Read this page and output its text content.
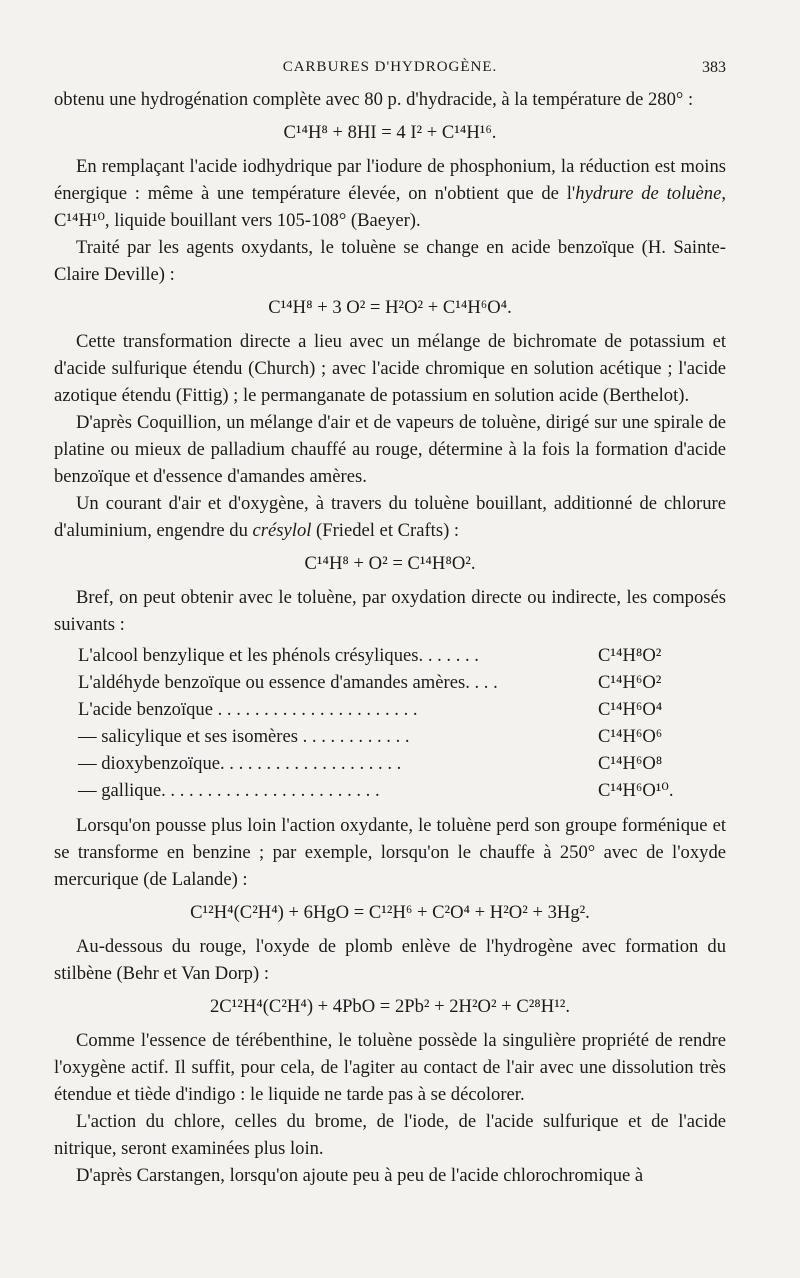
CARBURES D'HYDROGÈNE.	383

obtenu une hydrogénation complète avec 80 p. d'hydracide, à la température de 280° :

C¹⁴H⁸ + 8HI = 4 I² + C¹⁴H¹⁶.

En remplaçant l'acide iodhydrique par l'iodure de phosphonium, la réduction est moins énergique : même à une température élevée, on n'obtient que de l'hydrure de toluène, C¹⁴H¹⁰, liquide bouillant vers 105-108° (Baeyer).

Traité par les agents oxydants, le toluène se change en acide benzoïque (H. Sainte-Claire Deville) :

C¹⁴H⁸ + 3 O² = H²O² + C¹⁴H⁶O⁴.

Cette transformation directe a lieu avec un mélange de bichromate de potassium et d'acide sulfurique étendu (Church) ; avec l'acide chromique en solution acétique ; l'acide azotique étendu (Fittig) ; le permanganate de potassium en solution acide (Berthelot).

D'après Coquillion, un mélange d'air et de vapeurs de toluène, dirigé sur une spirale de platine ou mieux de palladium chauffé au rouge, détermine à la fois la formation d'acide benzoïque et d'essence d'amandes amères.

Un courant d'air et d'oxygène, à travers du toluène bouillant, additionné de chlorure d'aluminium, engendre du crésylol (Friedel et Crafts) :

C¹⁴H⁸ + O² = C¹⁴H⁸O².

Bref, on peut obtenir avec le toluène, par oxydation directe ou indirecte, les composés suivants :

L'alcool benzylique et les phénols crésyliques. . . . . . .	C¹⁴H⁸O²
L'aldéhyde benzoïque ou essence d'amandes amères. . . .	C¹⁴H⁶O²
L'acide benzoïque . . . . . . . . . . . . . . . . . . . . . .	C¹⁴H⁶O⁴
— salicylique et ses isomères . . . . . . . . . . . .	C¹⁴H⁶O⁶
— dioxybenzoïque. . . . . . . . . . . . . . . . . . . .	C¹⁴H⁶O⁸
— gallique. . . . . . . . . . . . . . . . . . . . . . . .	C¹⁴H⁶O¹⁰.

Lorsqu'on pousse plus loin l'action oxydante, le toluène perd son groupe forménique et se transforme en benzine ; par exemple, lorsqu'on le chauffe à 250° avec de l'oxyde mercurique (de Lalande) :

C¹²H⁴(C²H⁴) + 6HgO = C¹²H⁶ + C²O⁴ + H²O² + 3Hg².

Au-dessous du rouge, l'oxyde de plomb enlève de l'hydrogène avec formation du stilbène (Behr et Van Dorp) :

2C¹²H⁴(C²H⁴) + 4PbO = 2Pb² + 2H²O² + C²⁸H¹².

Comme l'essence de térébenthine, le toluène possède la singulière propriété de rendre l'oxygène actif. Il suffit, pour cela, de l'agiter au contact de l'air avec une dissolution très étendue et tiède d'indigo : le liquide ne tarde pas à se décolorer.

L'action du chlore, celles du brome, de l'iode, de l'acide sulfurique et de l'acide nitrique, seront examinées plus loin.

D'après Carstangen, lorsqu'on ajoute peu à peu de l'acide chlorochromique à
